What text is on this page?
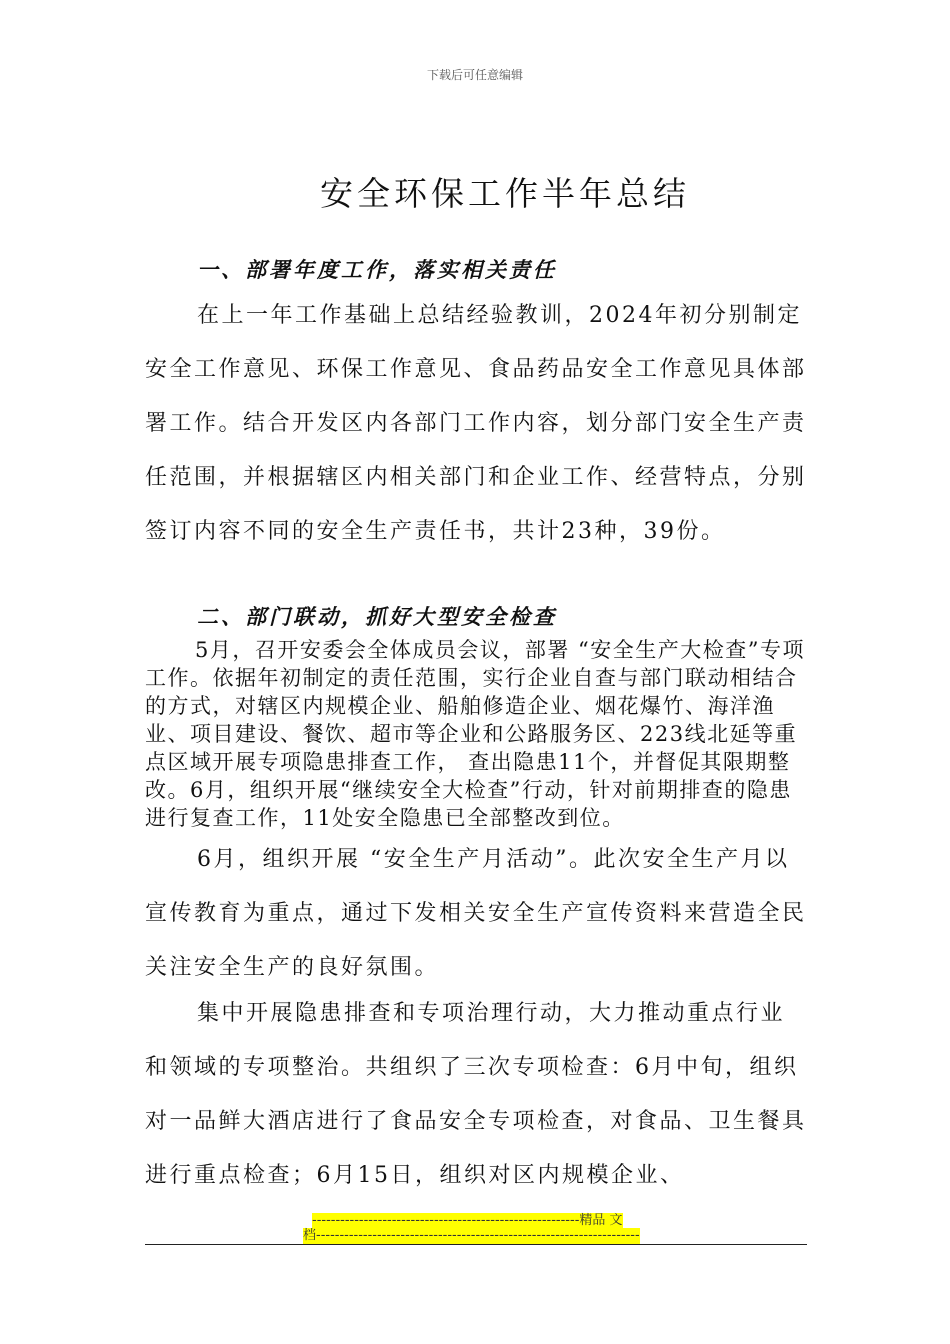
下载后可任意编辑
安全环保工作半年总结
一、部署年度工作，落实相关责任

在上一年工作基础上总结经验教训，2024年初分别制定安全工作意见、环保工作意见、食品药品安全工作意见具体部署工作。结合开发区内各部门工作内容，划分部门安全生产责任范围，并根据辖区内相关部门和企业工作、经营特点，分别签订内容不同的安全生产责任书，共计23种，39份。

二、部门联动，抓好大型安全检查

5月，召开安委会全体成员会议，部署 “安全生产大检查”专项工作。依据年初制定的责任范围，实行企业自查与部门联动相结合的方式，对辖区内规模企业、船舶修造企业、烟花爆竹、海洋渔业、项目建设、餐饮、超市等企业和公路服务区、223线北延等重点区域开展专项隐患排查工作， 查出隐患11个，并督促其限期整改。6月，组织开展“继续安全大检查”行动，针对前期排查的隐患进行复查工作，11处安全隐患已全部整改到位。

6月，组织开展 “安全生产月活动”。此次安全生产月以宣传教育为重点，通过下发相关安全生产宣传资料来营造全民关注安全生产的良好氛围。

集中开展隐患排查和专项治理行动，大力推动重点行业和领域的专项整治。共组织了三次专项检查：6月中旬，组织对一品鲜大酒店进行了食品安全专项检查，对食品、卫生餐具进行重点检查；6月15日，组织对区内规模企业、

---------------------------------------------------------精品 文
档---------------------------------------------------------------------
